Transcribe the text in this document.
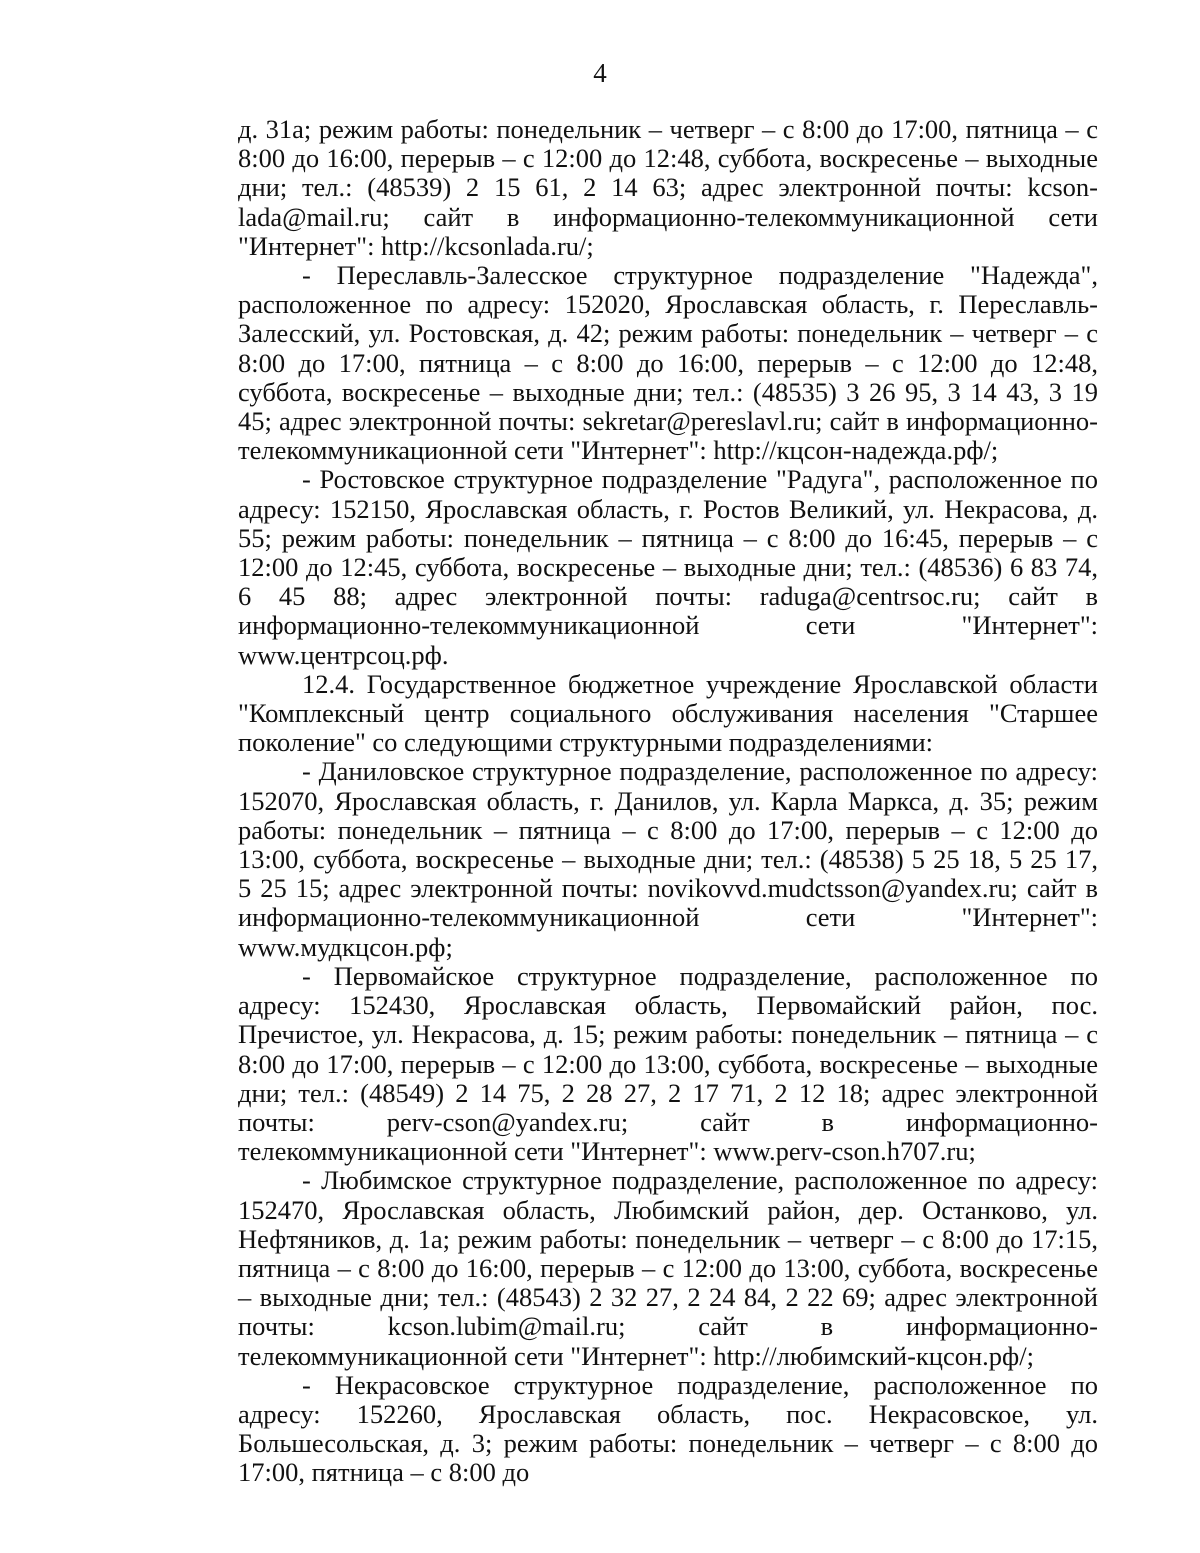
4

д. 31а; режим работы: понедельник – четверг – с 8:00 до 17:00, пятница – с 8:00 до 16:00, перерыв – с 12:00 до 12:48, суббота, воскресенье – выходные дни; тел.: (48539) 2 15 61, 2 14 63; адрес электронной почты: kcson-lada@mail.ru; сайт в информационно-телекоммуникационной сети "Интернет": http://kcsonlada.ru/;

- Переславль-Залесское структурное подразделение "Надежда", расположенное по адресу: 152020, Ярославская область, г. Переславль-Залесский, ул. Ростовская, д. 42; режим работы: понедельник – четверг – с 8:00 до 17:00, пятница – с 8:00 до 16:00, перерыв – с 12:00 до 12:48, суббота, воскресенье – выходные дни; тел.: (48535) 3 26 95, 3 14 43, 3 19 45; адрес электронной почты: sekretar@pereslavl.ru; сайт в информационно-телекоммуникационной сети "Интернет": http://кцсон-надежда.рф/;

- Ростовское структурное подразделение "Радуга", расположенное по адресу: 152150, Ярославская область, г. Ростов Великий, ул. Некрасова, д. 55; режим работы: понедельник – пятница – с 8:00 до 16:45, перерыв – с 12:00 до 12:45, суббота, воскресенье – выходные дни; тел.: (48536) 6 83 74, 6 45 88; адрес электронной почты: raduga@centrsoc.ru; сайт в информационно-телекоммуникационной сети "Интернет": www.центрсоц.рф.

12.4. Государственное бюджетное учреждение Ярославской области "Комплексный центр социального обслуживания населения "Старшее поколение" со следующими структурными подразделениями:

- Даниловское структурное подразделение, расположенное по адресу: 152070, Ярославская область, г. Данилов, ул. Карла Маркса, д. 35; режим работы: понедельник – пятница – с 8:00 до 17:00, перерыв – с 12:00 до 13:00, суббота, воскресенье – выходные дни; тел.: (48538) 5 25 18, 5 25 17, 5 25 15; адрес электронной почты: novikovvd.mudctsson@yandex.ru; сайт в информационно-телекоммуникационной сети "Интернет": www.мудкцсон.рф;

- Первомайское структурное подразделение, расположенное по адресу: 152430, Ярославская область, Первомайский район, пос. Пречистое, ул. Некрасова, д. 15; режим работы: понедельник – пятница – с 8:00 до 17:00, перерыв – с 12:00 до 13:00, суббота, воскресенье – выходные дни; тел.: (48549) 2 14 75, 2 28 27, 2 17 71, 2 12 18; адрес электронной почты: perv-cson@yandex.ru; сайт в информационно-телекоммуникационной сети "Интернет": www.perv-cson.h707.ru;

- Любимское структурное подразделение, расположенное по адресу: 152470, Ярославская область, Любимский район, дер. Останково, ул. Нефтяников, д. 1а; режим работы: понедельник – четверг – с 8:00 до 17:15, пятница – с 8:00 до 16:00, перерыв – с 12:00 до 13:00, суббота, воскресенье – выходные дни; тел.: (48543) 2 32 27, 2 24 84, 2 22 69; адрес электронной почты: kcson.lubim@mail.ru; сайт в информационно-телекоммуникационной сети "Интернет": http://любимский-кцсон.рф/;

- Некрасовское структурное подразделение, расположенное по адресу: 152260, Ярославская область, пос. Некрасовское, ул. Большесольская, д. 3; режим работы: понедельник – четверг – с 8:00 до 17:00, пятница – с 8:00 до
